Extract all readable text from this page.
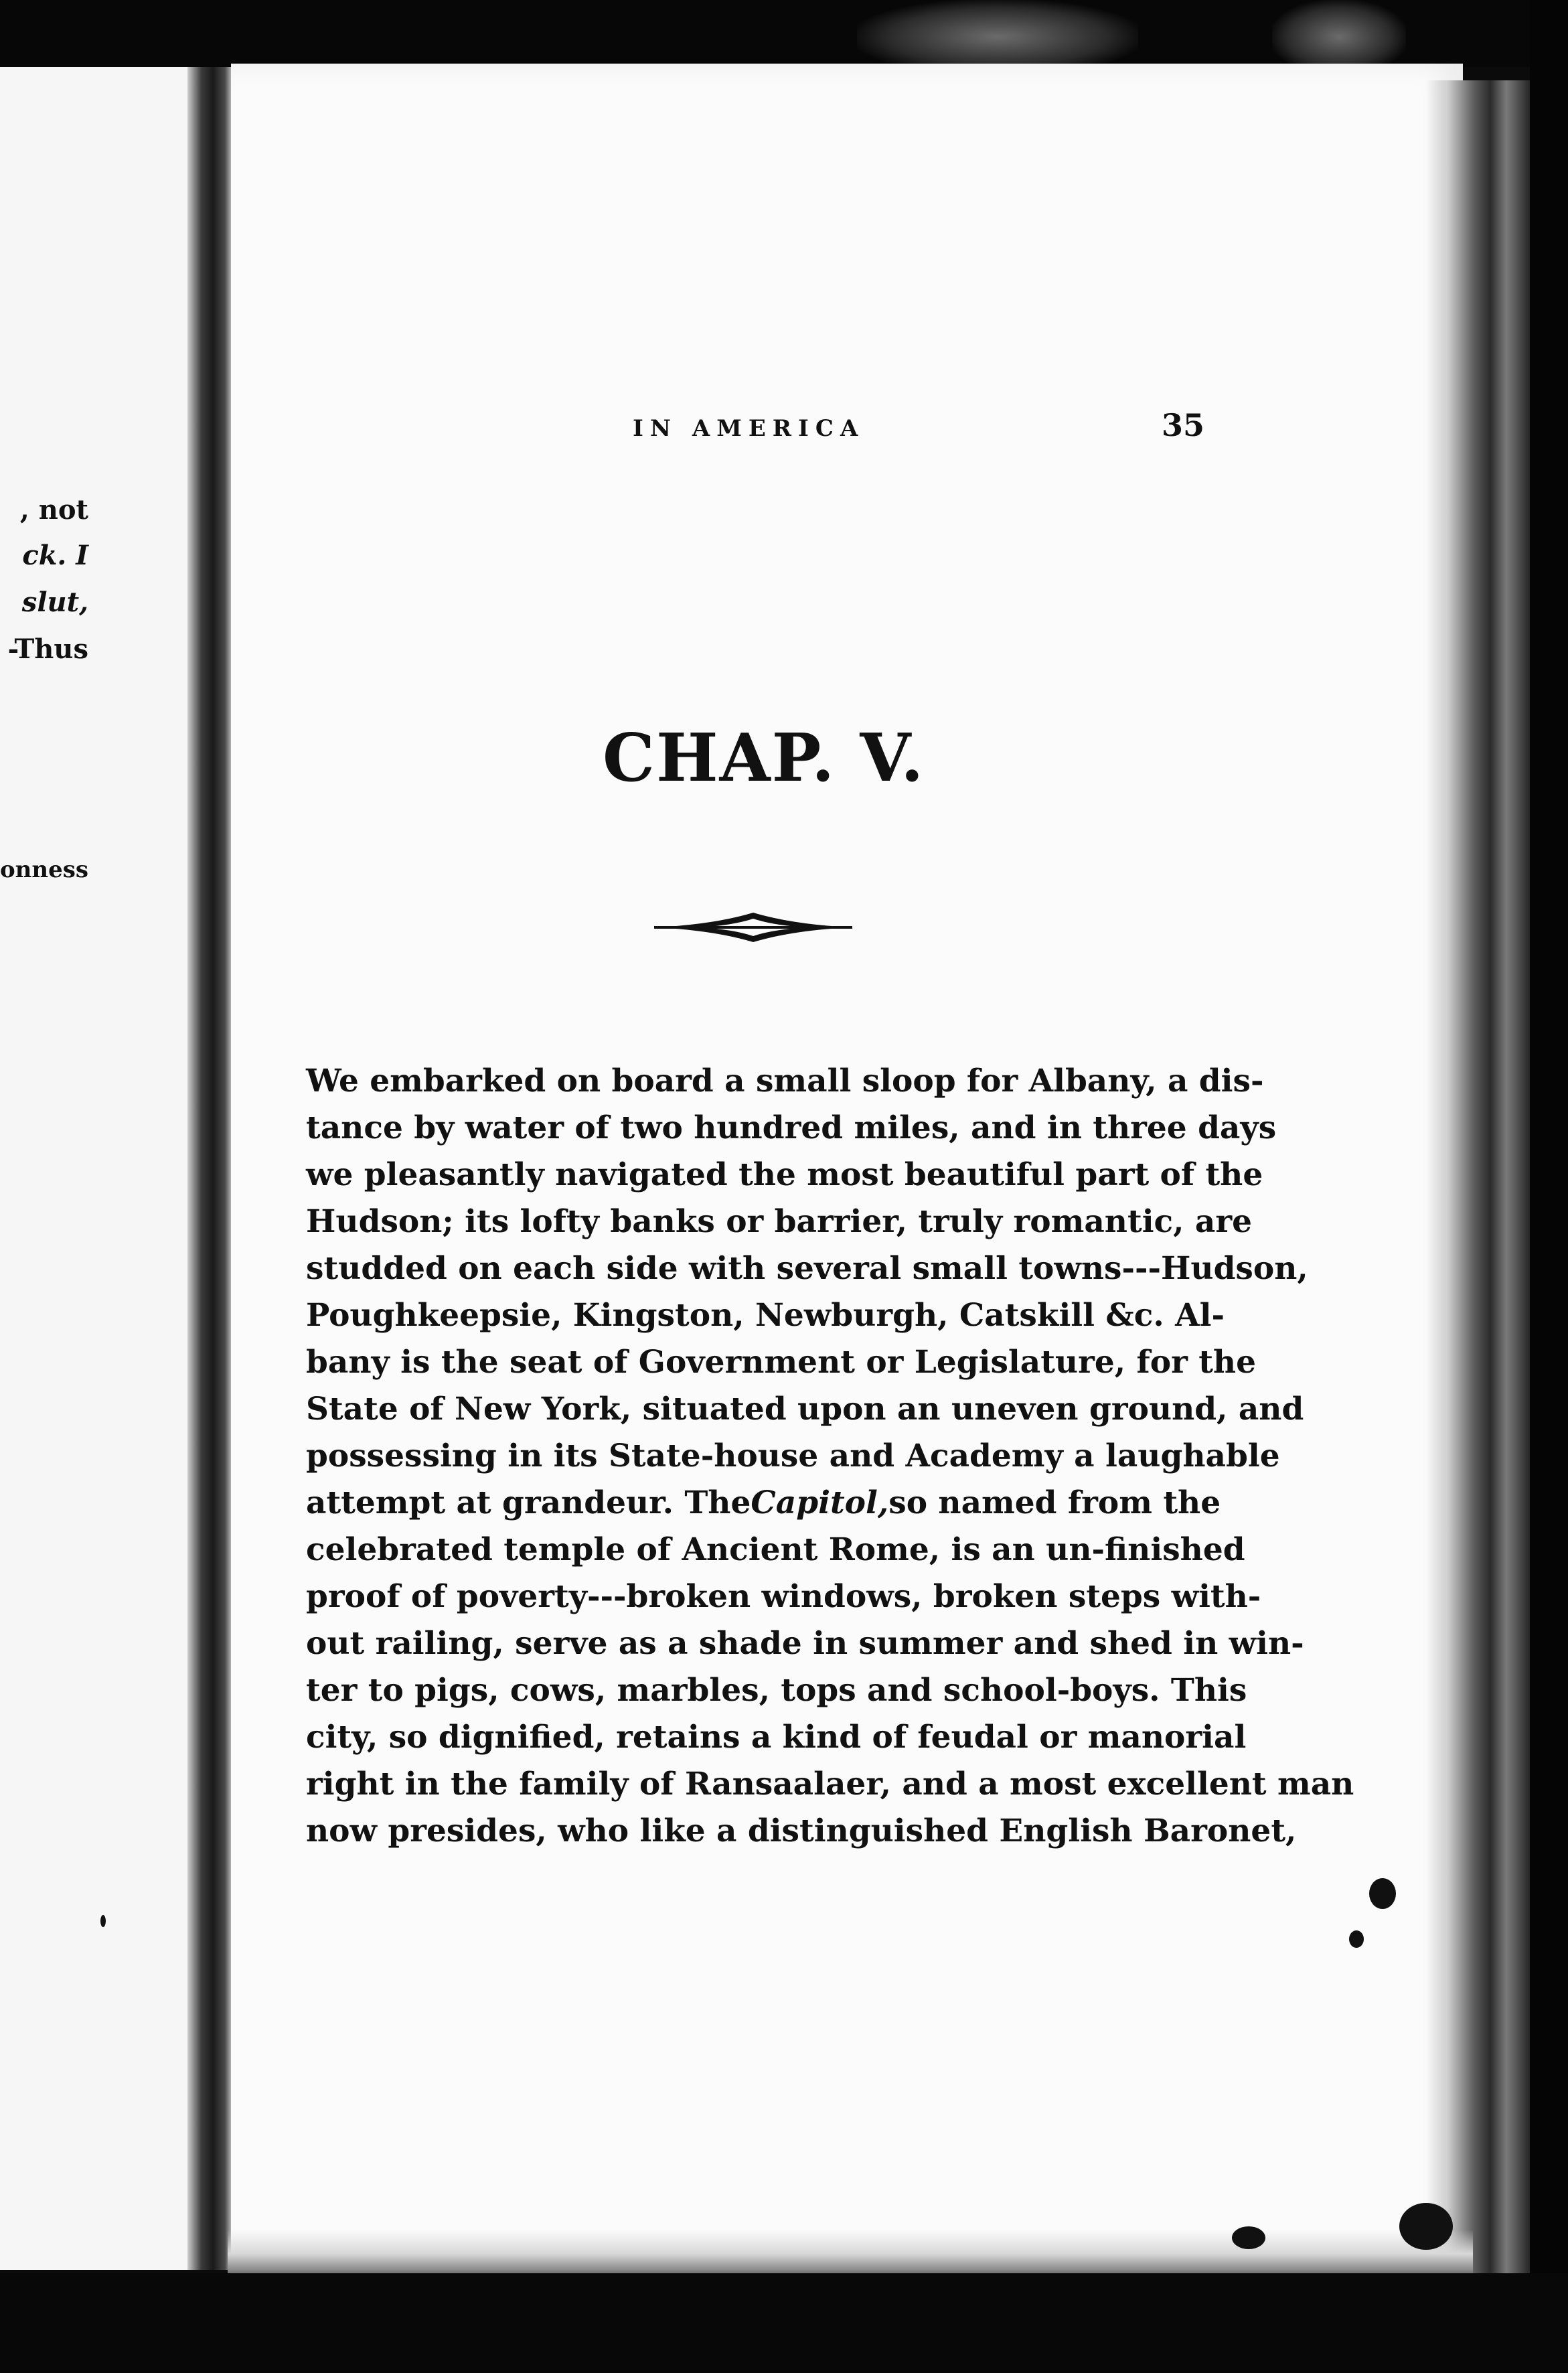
, not
ck. I
slut,
-Thus
onness
IN AMERICA	35
CHAP. V.
We embarked on board a small sloop for Albany, a dis-
tance by water of two hundred miles, and in three days
we pleasantly navigated the most beautiful part of the
Hudson; its lofty banks or barrier, truly romantic, are
studded on each side with several small towns---Hudson,
Poughkeepsie, Kingston, Newburgh, Catskill &c. Al-
bany is the seat of Government or Legislature, for the
State of New York, situated upon an uneven ground, and
possessing in its State-house and Academy a laughable
attempt at grandeur. The Capitol, so named from the
celebrated temple of Ancient Rome, is an un-finished
proof of poverty---broken windows, broken steps with-
out railing, serve as a shade in summer and shed in win-
ter to pigs, cows, marbles, tops and school-boys. This
city, so dignified, retains a kind of feudal or manorial
right in the family of Ransaalaer, and a most excellent man
now presides, who like a distinguished English Baronet,
